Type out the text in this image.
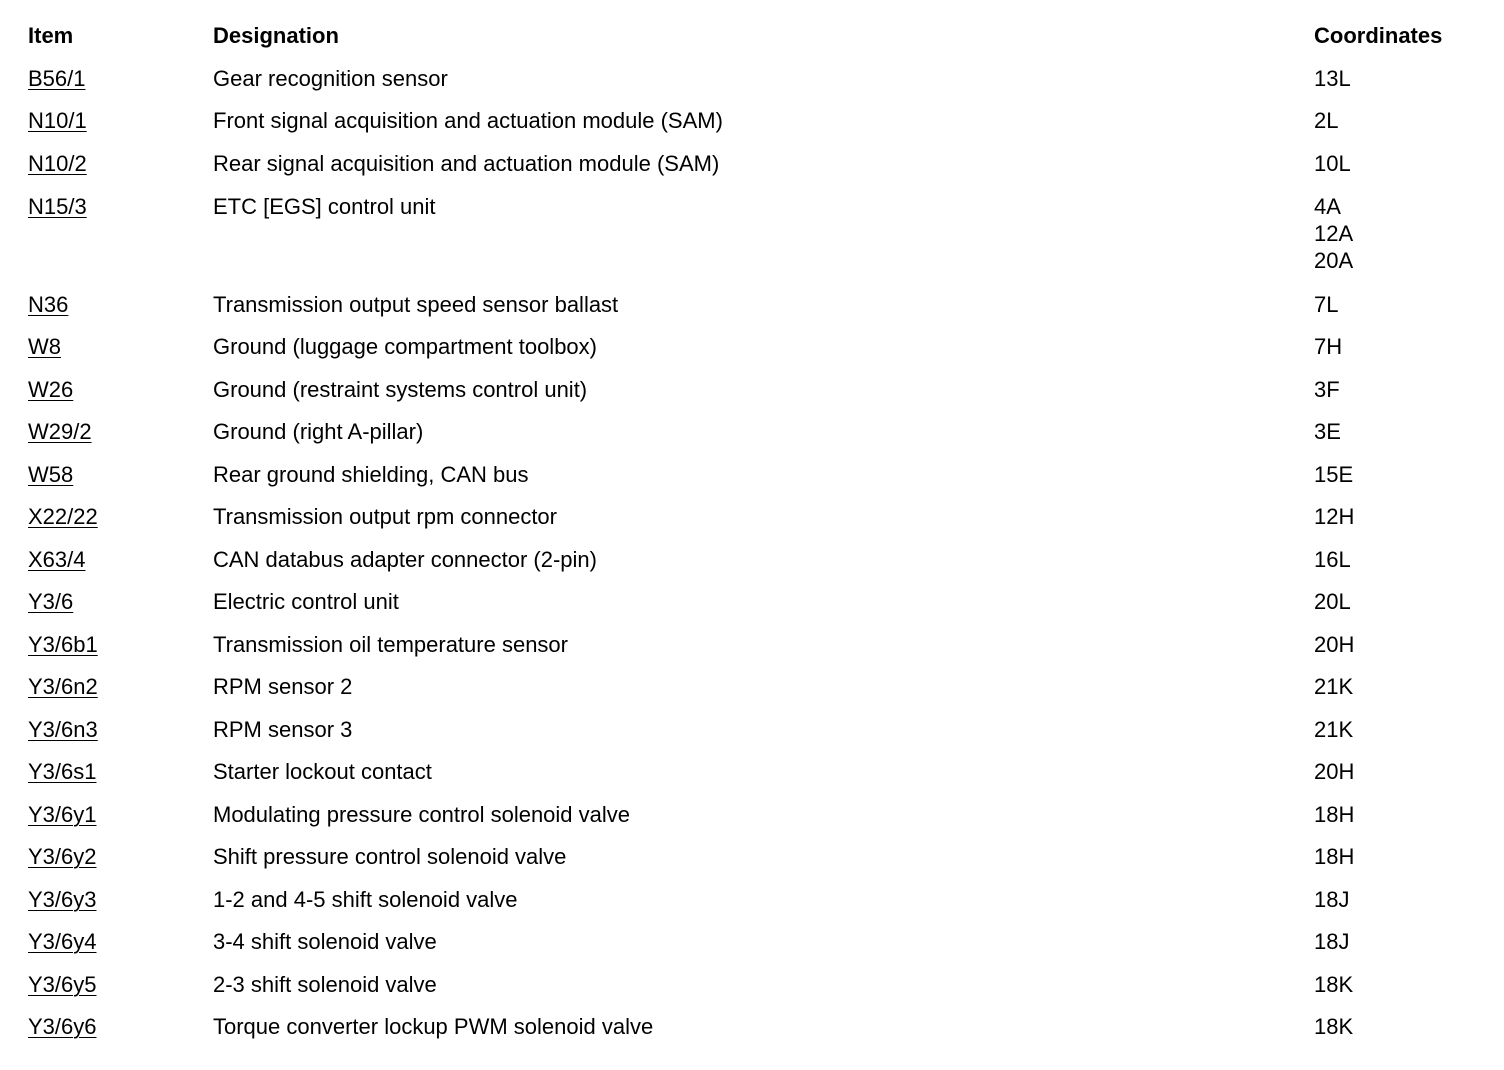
Item	Designation	Coordinates
B56/1	Gear recognition sensor	13L
N10/1	Front signal acquisition and actuation module (SAM)	2L
N10/2	Rear signal acquisition and actuation module (SAM)	10L
N15/3	ETC [EGS] control unit	4A
12A
20A
N36	Transmission output speed sensor ballast	7L
W8	Ground (luggage compartment toolbox)	7H
W26	Ground (restraint systems control unit)	3F
W29/2	Ground (right A-pillar)	3E
W58	Rear ground shielding, CAN bus	15E
X22/22	Transmission output rpm connector	12H
X63/4	CAN databus adapter connector (2-pin)	16L
Y3/6	Electric control unit	20L
Y3/6b1	Transmission oil temperature sensor	20H
Y3/6n2	RPM sensor 2	21K
Y3/6n3	RPM sensor 3	21K
Y3/6s1	Starter lockout contact	20H
Y3/6y1	Modulating pressure control solenoid valve	18H
Y3/6y2	Shift pressure control solenoid valve	18H
Y3/6y3	1-2 and 4-5 shift solenoid valve	18J
Y3/6y4	3-4 shift solenoid valve	18J
Y3/6y5	2-3 shift solenoid valve	18K
Y3/6y6	Torque converter lockup PWM solenoid valve	18K
